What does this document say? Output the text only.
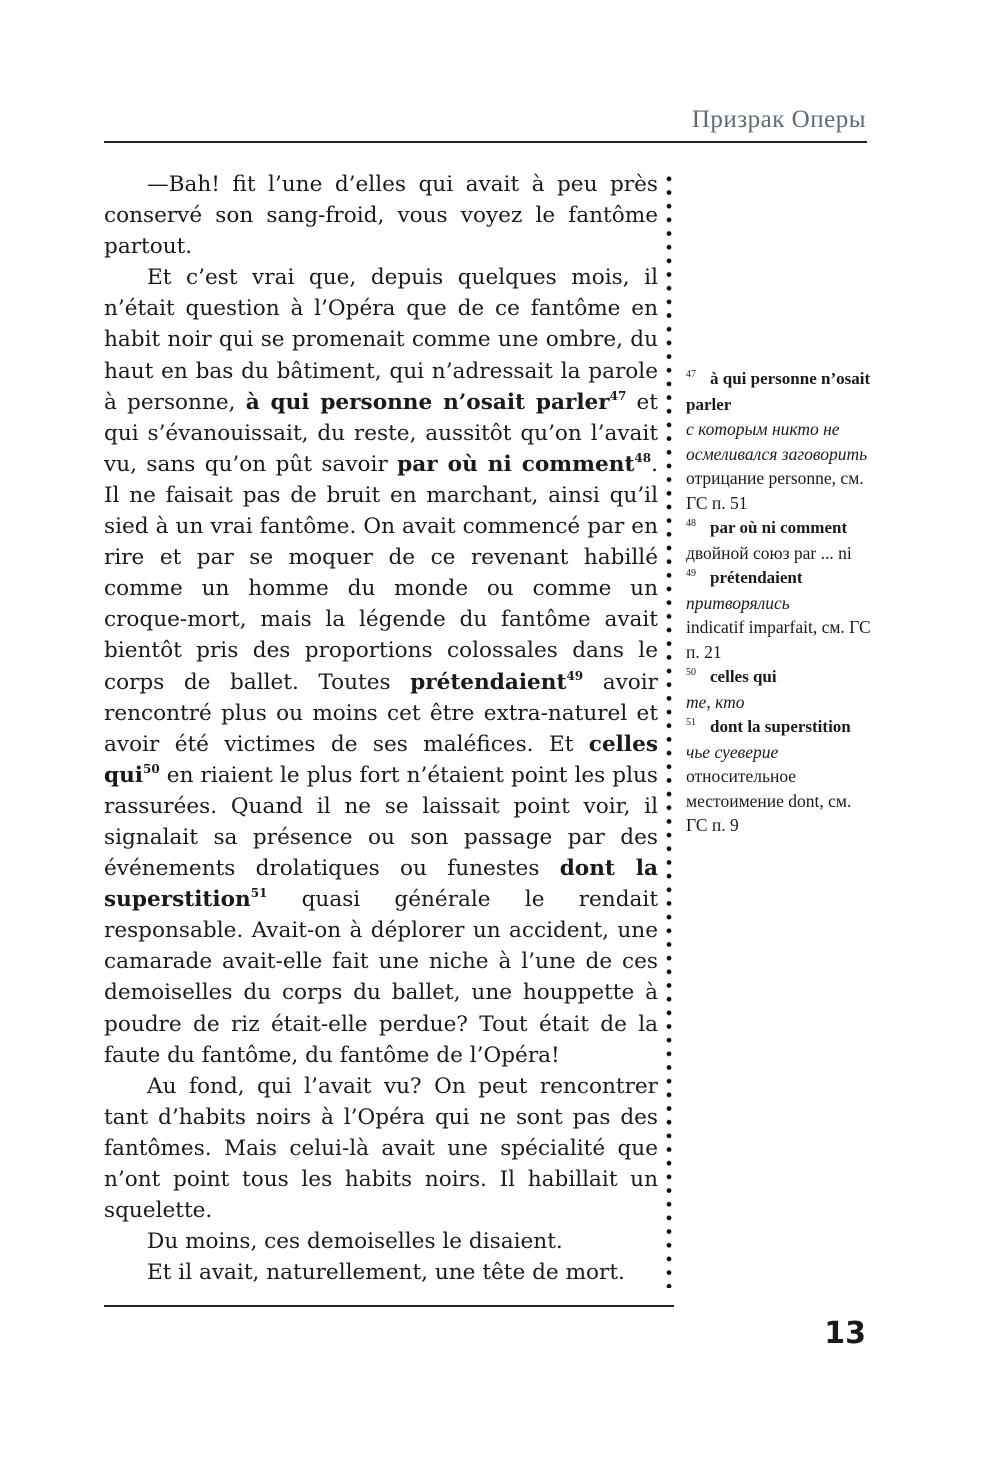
Призрак Оперы

—Bah! fit l’une d’elles qui avait à peu près conservé son sang-froid, vous voyez le fantôme partout.

Et c’est vrai que, depuis quelques mois, il n’était question à l’Opéra que de ce fantôme en habit noir qui se promenait comme une ombre, du haut en bas du bâtiment, qui n’adressait la parole à personne, à qui personne n’osait parler$^{47}$ et qui s’évanouissait, du reste, aussitôt qu’on l’avait vu, sans qu’on pût savoir par où ni comment$^{48}$. Il ne faisait pas de bruit en marchant, ainsi qu’il sied à un vrai fantôme. On avait commencé par en rire et par se moquer de ce revenant habillé comme un homme du monde ou comme un croque-mort, mais la légende du fantôme avait bientôt pris des proportions colossales dans le corps de ballet. Toutes prétendaient$^{49}$ avoir rencontré plus ou moins cet être extra-naturel et avoir été victimes de ses maléfices. Et celles qui$^{50}$ en riaient le plus fort n’étaient point les plus rassurées. Quand il ne se laissait point voir, il signalait sa présence ou son passage par des événements drolatiques ou funestes dont la superstition$^{51}$ quasi générale le rendait responsable. Avait-on à déplorer un accident, une camarade avait-elle fait une niche à l’une de ces demoiselles du corps du ballet, une houppette à poudre de riz était-elle perdue? Tout était de la faute du fantôme, du fantôme de l’Opéra!

Au fond, qui l’avait vu? On peut rencontrer tant d’habits noirs à l’Opéra qui ne sont pas des fantômes. Mais celui-là avait une spécialité que n’ont point tous les habits noirs. Il habillait un squelette.

Du moins, ces demoiselles le disaient.

Et il avait, naturellement, une tête de mort.

47 à qui personne n’osait parler
с которым никто не осмеливался заговорить
отрицание personne, см. ГС п. 51
48 par où ni comment
двойной союз par ... ni
49 prétendaient
притворялись
indicatif imparfait, см. ГС п. 21
50 celles qui
те, кто
51 dont la superstition
чье суеверие
относительное местоимение dont, см. ГС п. 9
13
